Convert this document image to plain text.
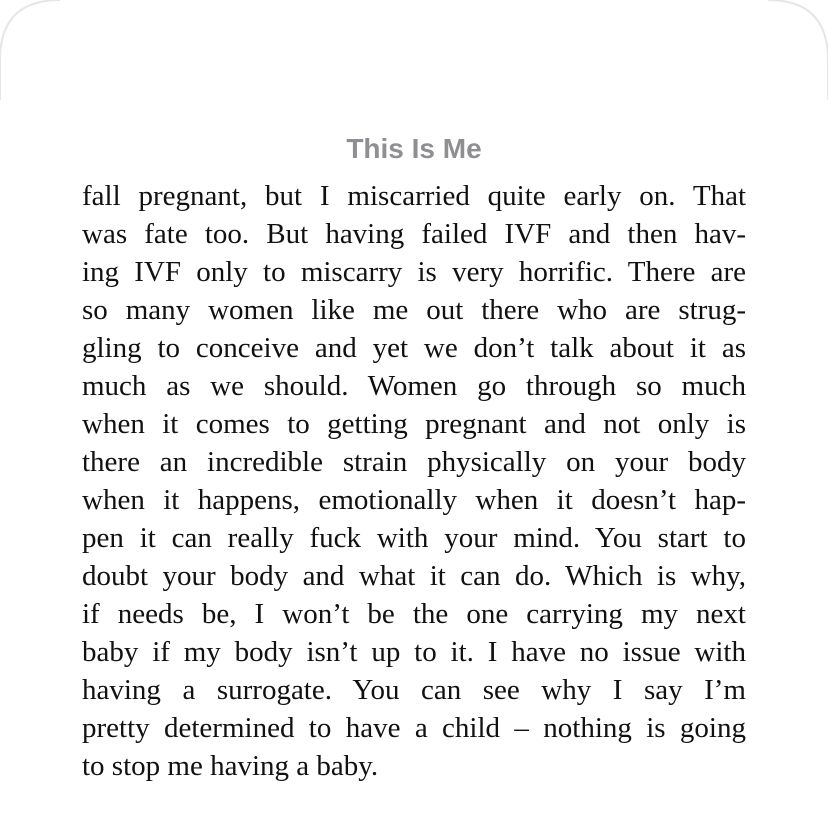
This Is Me
fall pregnant, but I miscarried quite early on. That
was fate too. But having failed IVF and then hav-
ing IVF only to miscarry is very horrific. There are
so many women like me out there who are strug-
gling to conceive and yet we don’t talk about it as
much as we should. Women go through so much
when it comes to getting pregnant and not only is
there an incredible strain physically on your body
when it happens, emotionally when it doesn’t hap-
pen it can really fuck with your mind. You start to
doubt your body and what it can do. Which is why,
if needs be, I won’t be the one carrying my next
baby if my body isn’t up to it. I have no issue with
having a surrogate. You can see why I say I’m
pretty determined to have a child – nothing is going
to stop me having a baby.
